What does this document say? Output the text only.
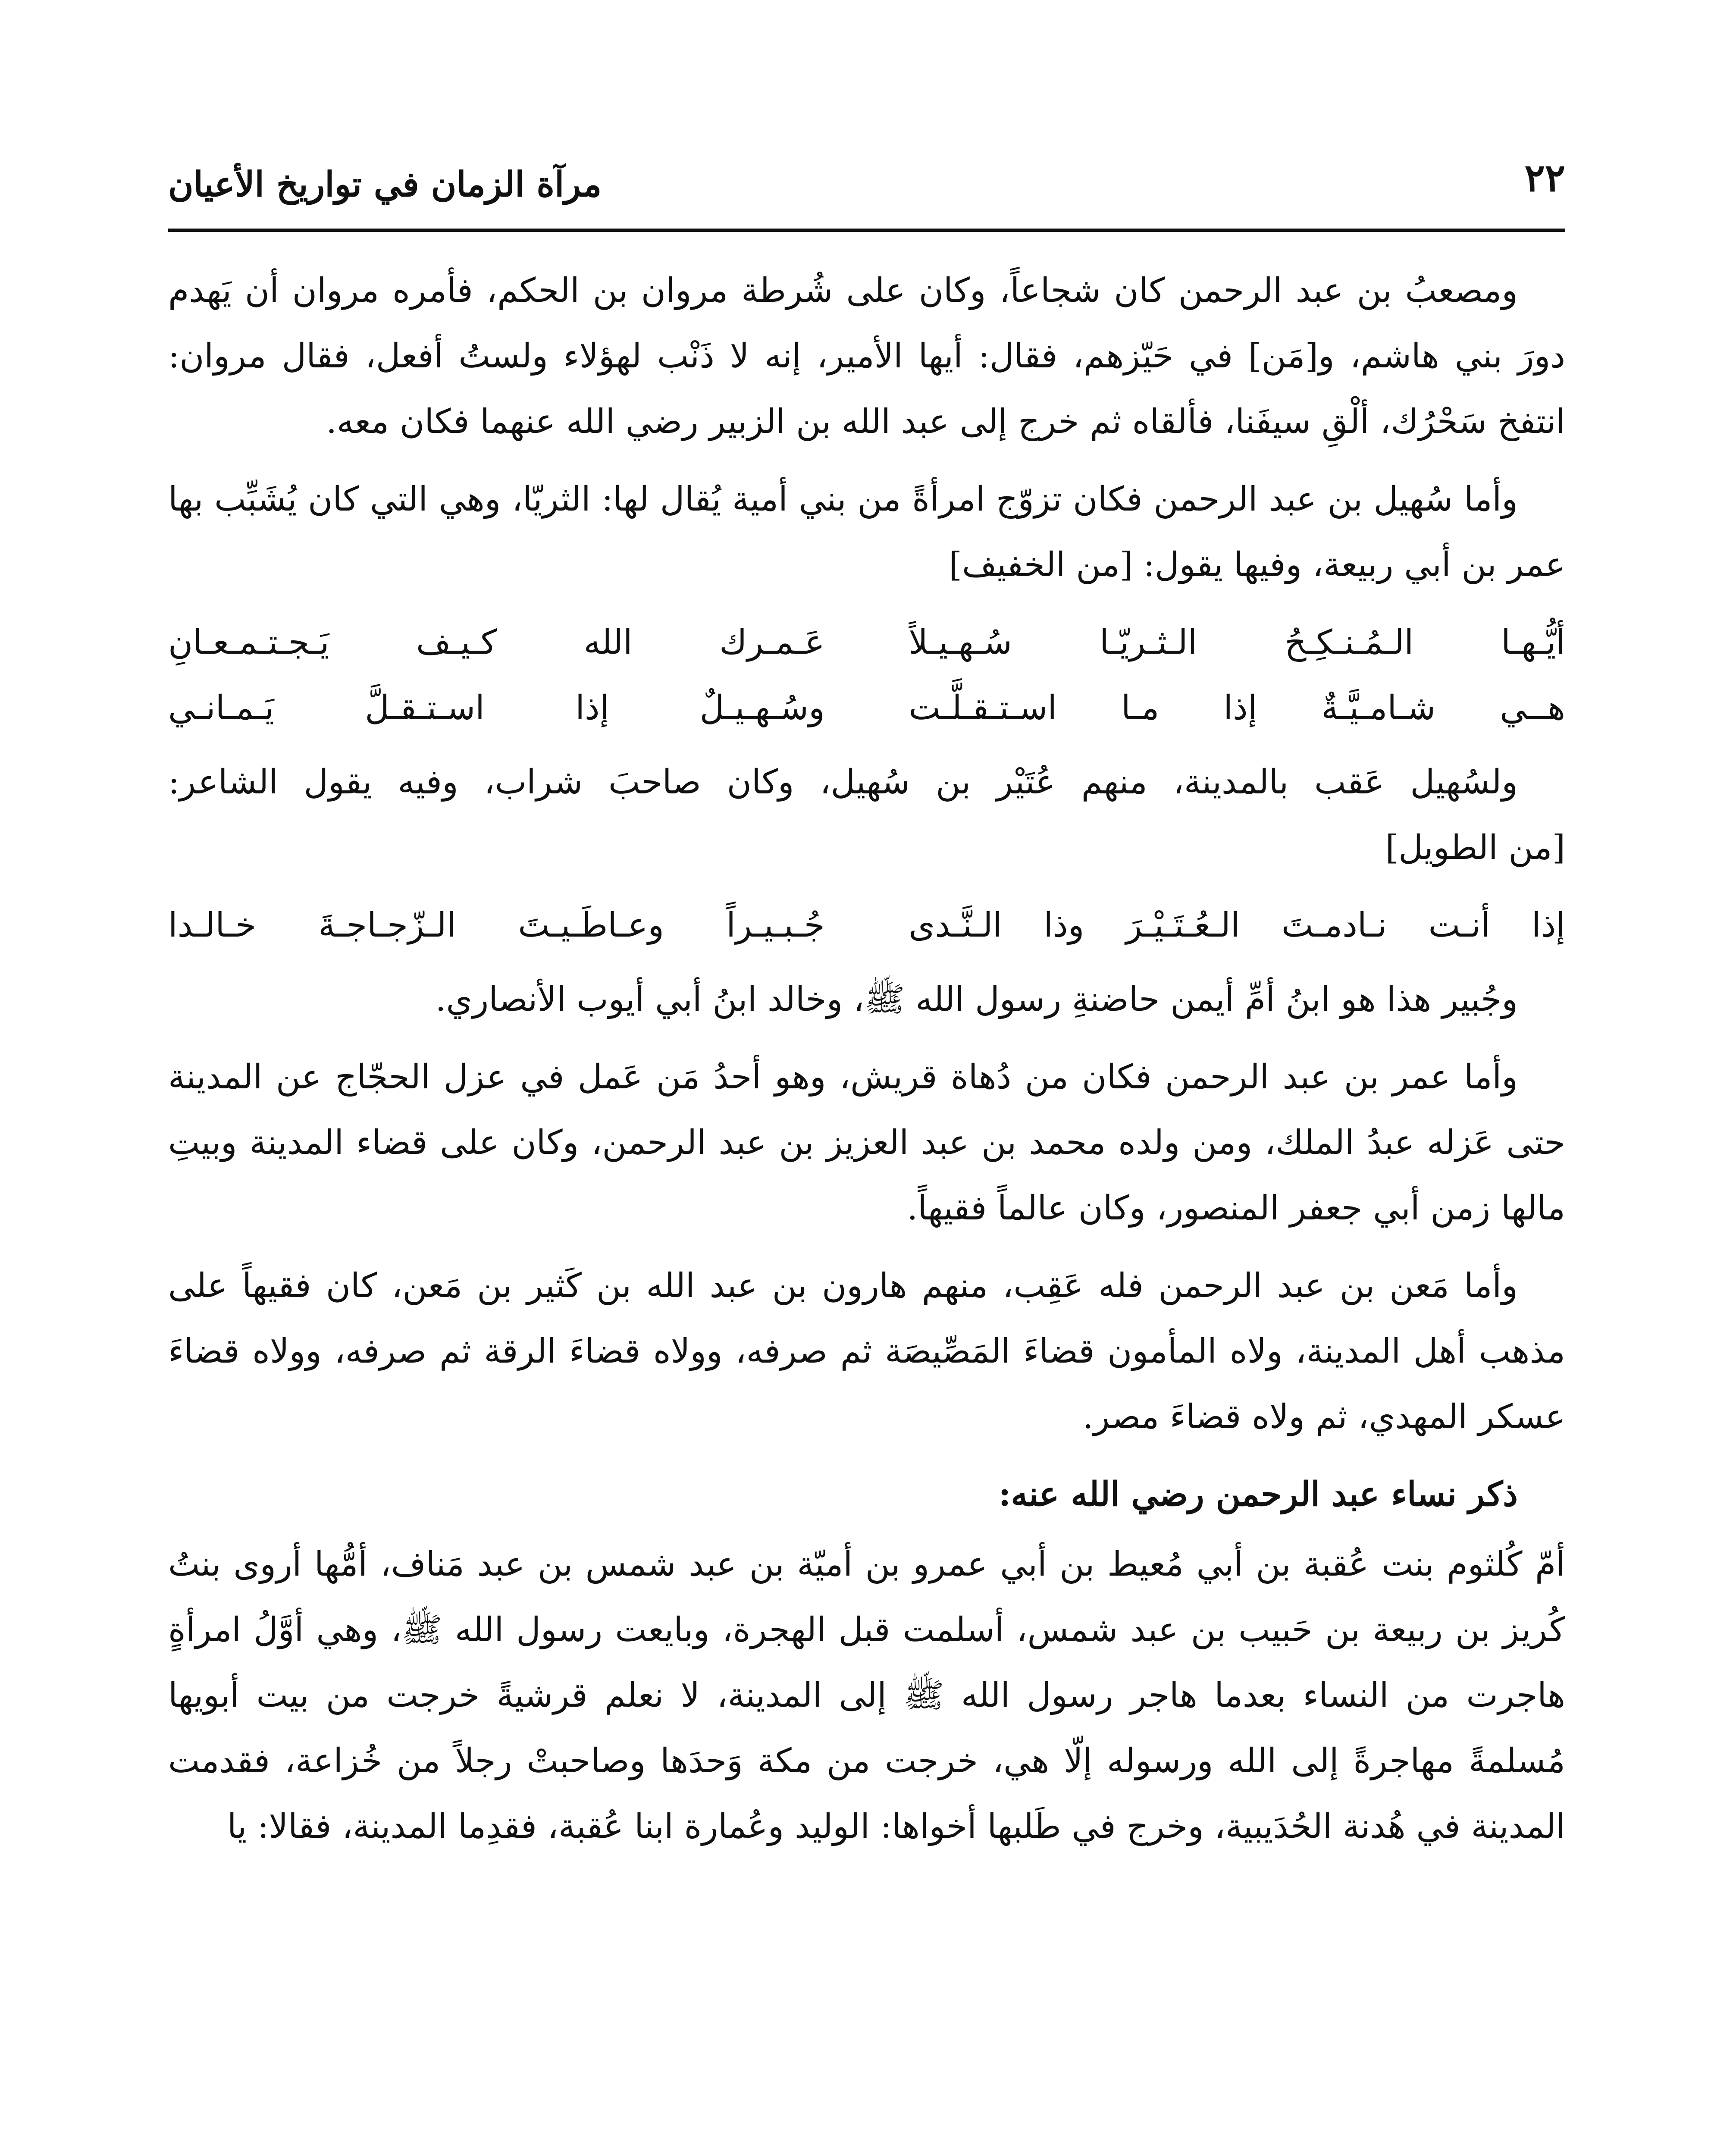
٢٢
مرآة الزمان في تواريخ الأعيان

ومصعبُ بن عبد الرحمن كان شجاعاً، وكان على شُرطة مروان بن الحكم، فأمره مروان أن يَهدم دورَ بني هاشم، و[مَن] في حَيّزهم، فقال: أيها الأمير، إنه لا ذَنْب لهؤلاء ولستُ أفعل، فقال مروان: انتفخ سَحْرُك، ألْقِ سيفَنا، فألقاه ثم خرج إلى عبد الله بن الزبير رضي الله عنهما فكان معه.

وأما سُهيل بن عبد الرحمن فكان تزوّج امرأةً من بني أمية يُقال لها: الثريّا، وهي التي كان يُشَبِّب بها عمر بن أبي ربيعة، وفيها يقول: [من الخفيف]

أيُّـهـا الـمُـنـكِـحُ الـثـريّـا سُـهـيـلاً
عَـمـرك الله كـيـف يَـجـتـمـعـانِ
هــي شـامـيَّـةٌ إذا مـا اسـتـقـلَّـت
وسُـهـيـلٌ إذا اسـتـقـلَّ يَـمـانـي

ولسُهيل عَقب بالمدينة، منهم عُتَيْر بن سُهيل، وكان صاحبَ شراب، وفيه يقول الشاعر: [من الطويل]

إذا أنـت نـادمـتَ الـعُـتَـيْـرَ وذا الـنَّـدى
جُـبـيـراً وعـاطَـيـتَ الـزّجـاجـةَ خـالـدا

وجُبير هذا هو ابنُ أمِّ أيمن حاضنةِ رسول الله ﷺ، وخالد ابنُ أبي أيوب الأنصاري.

وأما عمر بن عبد الرحمن فكان من دُهاة قريش، وهو أحدُ مَن عَمل في عزل الحجّاج عن المدينة حتى عَزله عبدُ الملك، ومن ولده محمد بن عبد العزيز بن عبد الرحمن، وكان على قضاء المدينة وبيتِ مالها زمن أبي جعفر المنصور، وكان عالماً فقيهاً.

وأما مَعن بن عبد الرحمن فله عَقِب، منهم هارون بن عبد الله بن كَثير بن مَعن، كان فقيهاً على مذهب أهل المدينة، ولاه المأمون قضاءَ المَصِّيصَة ثم صرفه، وولاه قضاءَ الرقة ثم صرفه، وولاه قضاءَ عسكر المهدي، ثم ولاه قضاءَ مصر.

ذكر نساء عبد الرحمن رضي الله عنه:

أمّ كُلثوم بنت عُقبة بن أبي مُعيط بن أبي عمرو بن أميّة بن عبد شمس بن عبد مَناف، أمُّها أروى بنتُ كُريز بن ربيعة بن حَبيب بن عبد شمس، أسلمت قبل الهجرة، وبايعت رسول الله ﷺ، وهي أوَّلُ امرأةٍ هاجرت من النساء بعدما هاجر رسول الله ﷺ إلى المدينة، لا نعلم قرشيةً خرجت من بيت أبويها مُسلمةً مهاجرةً إلى الله ورسوله إلّا هي، خرجت من مكة وَحدَها وصاحبتْ رجلاً من خُزاعة، فقدمت المدينة في هُدنة الحُدَيبية، وخرج في طَلبها أخواها: الوليد وعُمارة ابنا عُقبة، فقدِما المدينة، فقالا: يا
